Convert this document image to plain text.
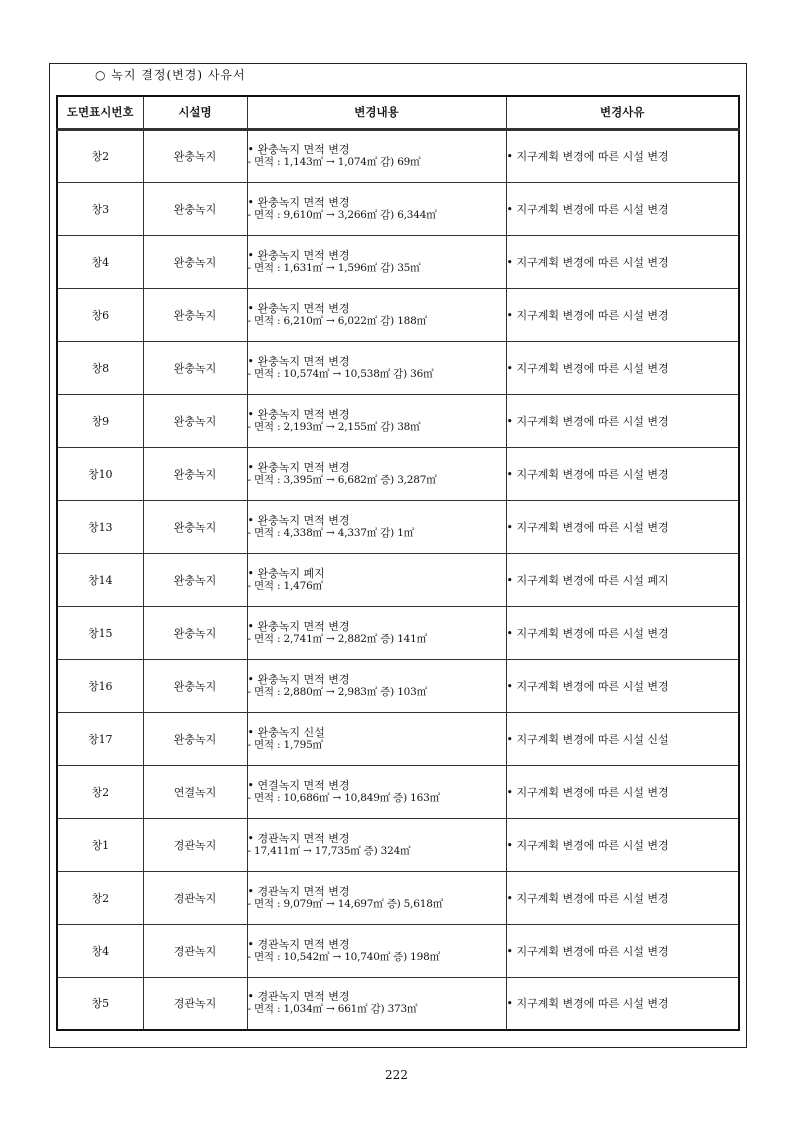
○ 녹지 결정(변경) 사유서
도면표시번호	시설명	변경내용	변경사유
창2	완충녹지	• 완충녹지 면적 변경
- 면적 : 1,143㎡ → 1,074㎡ 감) 69㎡	• 지구계획 변경에 따른 시설 변경
창3	완충녹지	• 완충녹지 면적 변경
- 면적 : 9,610㎡ → 3,266㎡ 감) 6,344㎡	• 지구계획 변경에 따른 시설 변경
창4	완충녹지	• 완충녹지 면적 변경
- 면적 : 1,631㎡ → 1,596㎡ 감) 35㎡	• 지구계획 변경에 따른 시설 변경
창6	완충녹지	• 완충녹지 면적 변경
- 면적 : 6,210㎡ → 6,022㎡ 감) 188㎡	• 지구계획 변경에 따른 시설 변경
창8	완충녹지	• 완충녹지 면적 변경
- 면적 : 10,574㎡ → 10,538㎡ 감) 36㎡	• 지구계획 변경에 따른 시설 변경
창9	완충녹지	• 완충녹지 면적 변경
- 면적 : 2,193㎡ → 2,155㎡ 감) 38㎡	• 지구계획 변경에 따른 시설 변경
창10	완충녹지	• 완충녹지 면적 변경
- 면적 : 3,395㎡ → 6,682㎡ 증) 3,287㎡	• 지구계획 변경에 따른 시설 변경
창13	완충녹지	• 완충녹지 면적 변경
- 면적 : 4,338㎡ → 4,337㎡ 감) 1㎡	• 지구계획 변경에 따른 시설 변경
창14	완충녹지	• 완충녹지 폐지
- 면적 : 1,476㎡	• 지구계획 변경에 따른 시설 폐지
창15	완충녹지	• 완충녹지 면적 변경
- 면적 : 2,741㎡ → 2,882㎡ 증) 141㎡	• 지구계획 변경에 따른 시설 변경
창16	완충녹지	• 완충녹지 면적 변경
- 면적 : 2,880㎡ → 2,983㎡ 증) 103㎡	• 지구계획 변경에 따른 시설 변경
창17	완충녹지	• 완충녹지 신설
- 면적 : 1,795㎡	• 지구계획 변경에 따른 시설 신설
창2	연결녹지	• 연결녹지 면적 변경
- 면적 : 10,686㎡ → 10,849㎡ 증) 163㎡	• 지구계획 변경에 따른 시설 변경
창1	경관녹지	• 경관녹지 면적 변경
- 17,411㎡ → 17,735㎡ 증) 324㎡	• 지구계획 변경에 따른 시설 변경
창2	경관녹지	• 경관녹지 면적 변경
- 면적 : 9,079㎡ → 14,697㎡ 증) 5,618㎡	• 지구계획 변경에 따른 시설 변경
창4	경관녹지	• 경관녹지 면적 변경
- 면적 : 10,542㎡ → 10,740㎡ 증) 198㎡	• 지구계획 변경에 따른 시설 변경
창5	경관녹지	• 경관녹지 면적 변경
- 면적 : 1,034㎡ → 661㎡ 감) 373㎡	• 지구계획 변경에 따른 시설 변경
222
